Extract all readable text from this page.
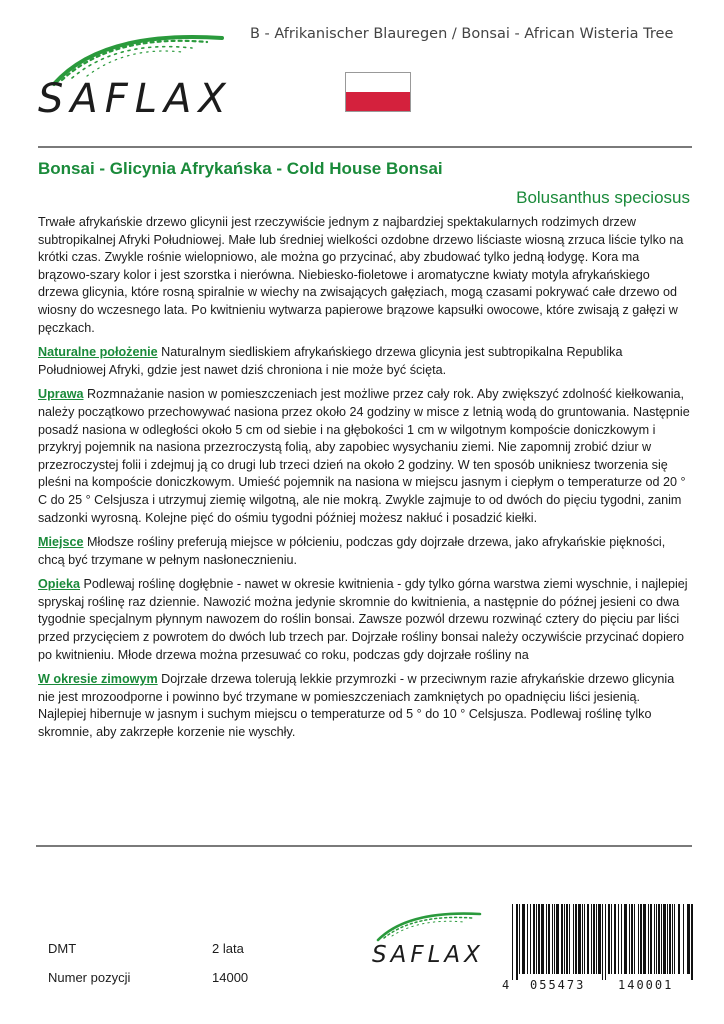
SAFLAX
B - Afrikanischer Blauregen / Bonsai - African Wisteria Tree
Bonsai - Glicynia Afrykańska - Cold House Bonsai
Bolusanthus speciosus

Trwałe afrykańskie drzewo glicynii jest rzeczywiście jednym z najbardziej spektakularnych rodzimych drzew subtropikalnej Afryki Południowej. Małe lub średniej wielkości ozdobne drzewo liściaste wiosną zrzuca liście tylko na krótki czas. Zwykle rośnie wielopniowo, ale można go przycinać, aby zbudować tylko jedną łodygę. Kora ma brązowo-szary kolor i jest szorstka i nierówna. Niebiesko-fioletowe i aromatyczne kwiaty motyla afrykańskiego drzewa glicynia, które rosną spiralnie w wiechy na zwisających gałęziach, mogą czasami pokrywać całe drzewo od wiosny do wczesnego lata. Po kwitnieniu wytwarza papierowe brązowe kapsułki owocowe, które zwisają z gałęzi w pęczkach.

Naturalne położenie Naturalnym siedliskiem afrykańskiego drzewa glicynia jest subtropikalna Republika Południowej Afryki, gdzie jest nawet dziś chroniona i nie może być ścięta.

Uprawa Rozmnażanie nasion w pomieszczeniach jest możliwe przez cały rok. Aby zwiększyć zdolność kiełkowania, należy początkowo przechowywać nasiona przez około 24 godziny w misce z letnią wodą do gruntowania. Następnie posadź nasiona w odległości około 5 cm od siebie i na głębokości 1 cm w wilgotnym kompoście doniczkowym i przykryj pojemnik na nasiona przezroczystą folią, aby zapobiec wysychaniu ziemi. Nie zapomnij zrobić dziur w przezroczystej folii i zdejmuj ją co drugi lub trzeci dzień na około 2 godziny. W ten sposób unikniesz tworzenia się pleśni na kompoście doniczkowym. Umieść pojemnik na nasiona w miejscu jasnym i ciepłym o temperaturze od 20 ° C do 25 ° Celsjusza i utrzymuj ziemię wilgotną, ale nie mokrą. Zwykle zajmuje to od dwóch do pięciu tygodni, zanim sadzonki wyrosną. Kolejne pięć do ośmiu tygodni później możesz nakłuć i posadzić kiełki.

Miejsce Młodsze rośliny preferują miejsce w półcieniu, podczas gdy dojrzałe drzewa, jako afrykańskie piękności, chcą być trzymane w pełnym nasłonecznieniu.

Opieka Podlewaj roślinę dogłębnie - nawet w okresie kwitnienia - gdy tylko górna warstwa ziemi wyschnie, i najlepiej spryskaj roślinę raz dziennie. Nawozić można jedynie skromnie do kwitnienia, a następnie do późnej jesieni co dwa tygodnie specjalnym płynnym nawozem do roślin bonsai. Zawsze pozwól drzewu rozwinąć cztery do pięciu par liści przed przycięciem z powrotem do dwóch lub trzech par. Dojrzałe rośliny bonsai należy oczywiście przycinać dopiero po kwitnieniu. Młode drzewa można przesuwać co roku, podczas gdy dojrzałe rośliny na

W okresie zimowym Dojrzałe drzewa tolerują lekkie przymrozki - w przeciwnym razie afrykańskie drzewo glicynia nie jest mrozoodporne i powinno być trzymane w pomieszczeniach zamkniętych po opadnięciu liści jesienią. Najlepiej hibernuje w jasnym i suchym miejscu o temperaturze od 5 ° do 10 ° Celsjusza. Podlewaj roślinę tylko skromnie, aby zakrzepłe korzenie nie wyschły.

DMT	2 lata
Numer pozycji	14000
SAFLAX
4 055473	140001
